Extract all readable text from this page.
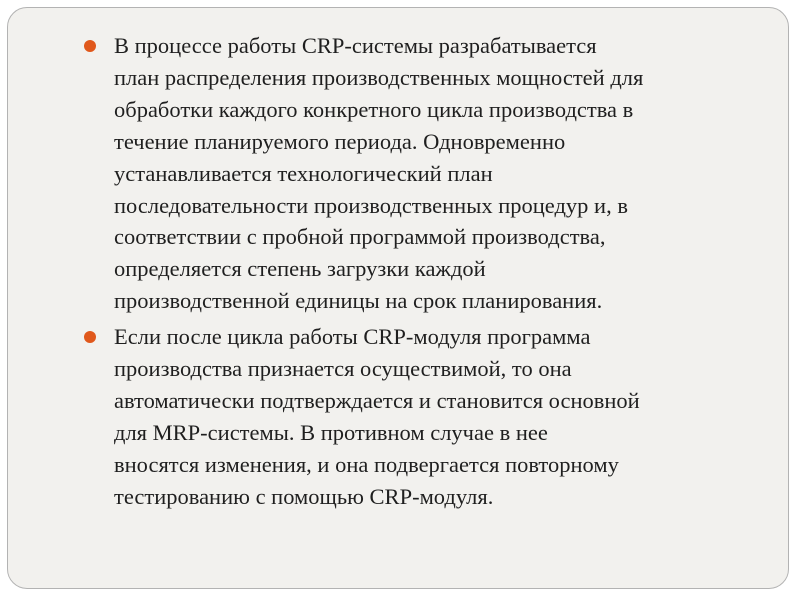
В процессе работы CRP-системы разрабатывается
план распределения производственных мощностей для
обработки каждого конкретного цикла производства в
течение планируемого периода. Одновременно
устанавливается технологический план
последовательности производственных процедур и, в
соответствии с пробной программой производства,
определяется степень загрузки каждой
производственной единицы на срок планирования.
Если после цикла работы CRP-модуля программа
производства признается осуществимой, то она
автоматически подтверждается и становится основной
для MRP-системы. В противном случае в нее
вносятся изменения, и она подвергается повторному
тестированию с помощью CRP-модуля.
